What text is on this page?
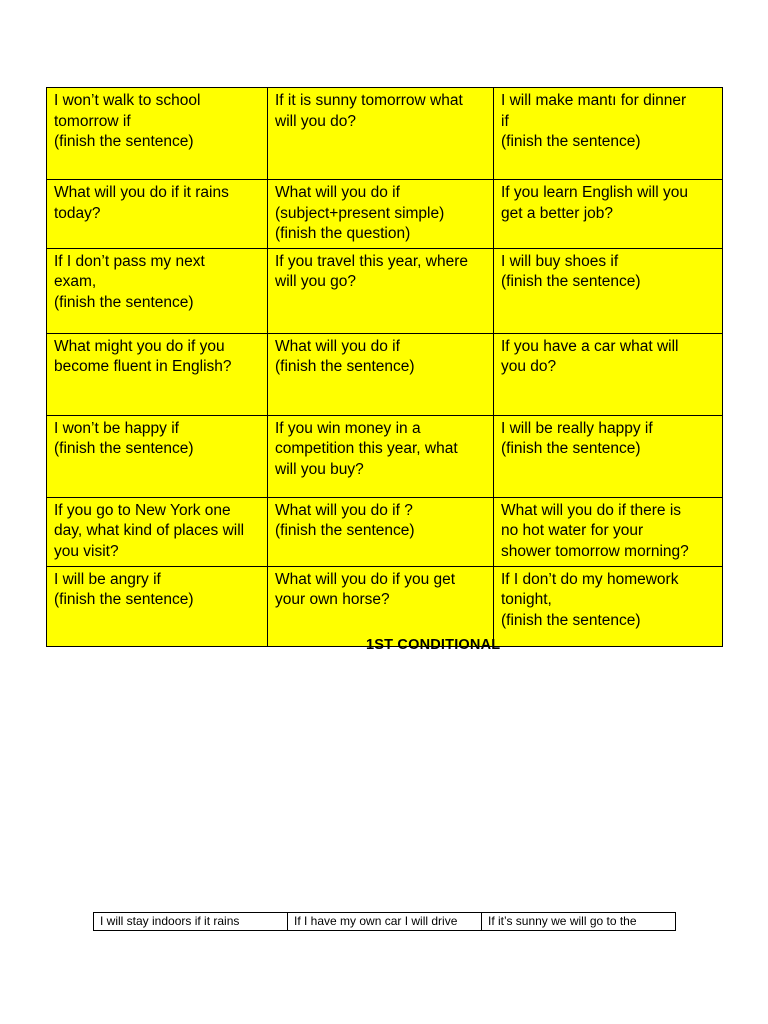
I won’t walk to school
tomorrow if
(finish the sentence)	If it is sunny tomorrow what
will you do?	I will make mantı for dinner
if
(finish the sentence)

What will you do if it rains
today?	What will you do if
(subject+present simple)
(finish the question)	If you learn English will you
get a better job?

If I don’t pass my next
exam,
(finish the sentence)	If you travel this year, where
will you go?	I will buy shoes if
(finish the sentence)

What might you do if you
become fluent in English?	What will you do if
(finish the sentence)	If you have a car what will
you do?

I won’t be happy if
(finish the sentence)	If you win money in a
competition this year, what
will you buy?	I will be really happy if
(finish the sentence)

If you go to New York one
day, what kind of places will
you visit?	What will you do if ?
(finish the sentence)	What will you do if there is
no hot water for your
shower tomorrow morning?

I will be angry if
(finish the sentence)	What will you do if you get
your own horse?	If I don’t do my homework
tonight,
(finish the sentence)
1ST CONDITIONAL
I will stay indoors if it rains	If I have my own car I will drive	If it’s sunny we will go to the
